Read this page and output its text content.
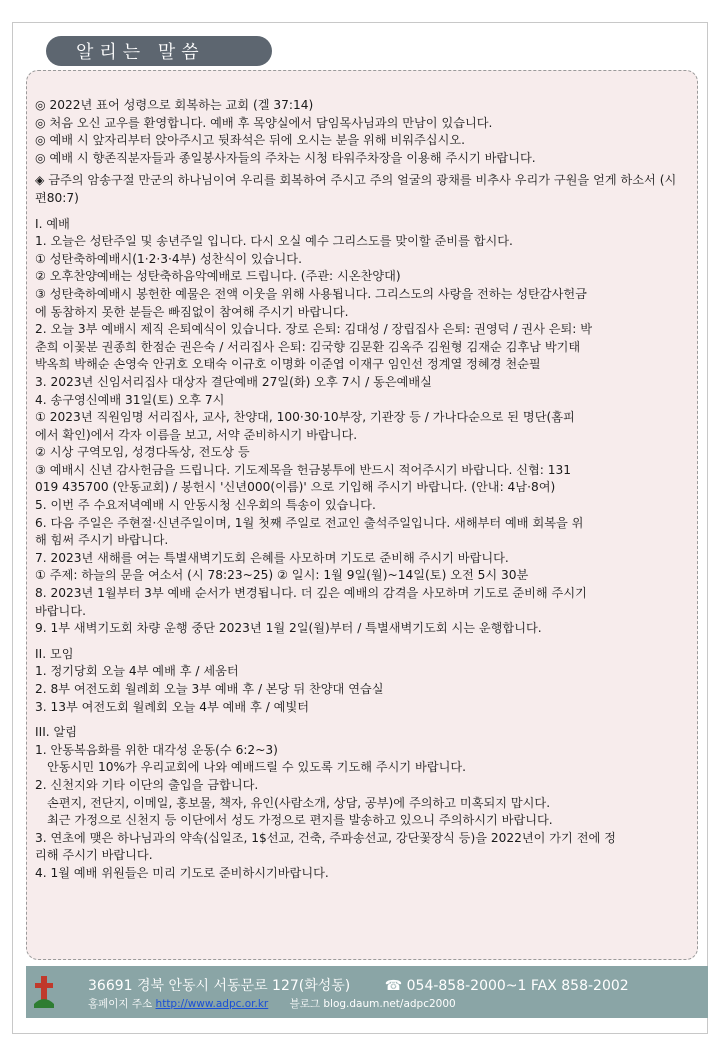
알리는 말씀
◎ 2022년 표어 성령으로 회복하는 교회 (겔 37:14)
◎ 처음 오신 교우를 환영합니다. 예배 후 목양실에서 담임목사님과의 만남이 있습니다.
◎ 예배 시 앞자리부터 앉아주시고 뒷좌석은 뒤에 오시는 분을 위해 비워주십시오.
◎ 예배 시 향존직분자들과 종일봉사자들의 주차는 시청 타워주차장을 이용해 주시기 바랍니다.
◈ 금주의 암송구절 만군의 하나님이여 우리를 회복하여 주시고 주의 얼굴의 광채를 비추사 우리가 구원을 얻게 하소서 (시편80:7)
I. 예배
1. 오늘은 성탄주일 및 송년주일 입니다. 다시 오실 예수 그리스도를 맞이할 준비를 합시다.
① 성탄축하예배시(1·2·3·4부) 성찬식이 있습니다.
② 오후찬양예배는 성탄축하음악예배로 드립니다. (주관: 시온찬양대)
③ 성탄축하예배시 봉헌한 예물은 전액 이웃을 위해 사용됩니다. 그리스도의 사랑을 전하는 성탄감사헌금
에 동참하지 못한 분들은 빠짐없이 참여해 주시기 바랍니다.
2. 오늘 3부 예배시 제직 은퇴예식이 있습니다. 장로 은퇴: 김대성 / 장립집사 은퇴: 권영덕 / 권사 은퇴: 박
춘희 이꽃분 권종희 한점순 권은숙 / 서리집사 은퇴: 김국향 김문환 김옥주 김원형 김재순 김후남 박기태
박옥희 박해순 손영숙 안귀호 오태숙 이규호 이명화 이준엽 이재구 임인선 정계열 정혜경 천순필
3. 2023년 신임서리집사 대상자 결단예배 27일(화) 오후 7시 / 동은예배실
4. 송구영신예배 31일(토) 오후 7시
① 2023년 직원임명 서리집사, 교사, 찬양대, 100·30·10부장, 기관장 등 / 가나다순으로 된 명단(홈피
에서 확인)에서 각자 이름을 보고, 서약 준비하시기 바랍니다.
② 시상 구역모임, 성경다독상, 전도상 등
③ 예배시 신년 감사헌금을 드립니다. 기도제목을 헌금봉투에 반드시 적어주시기 바랍니다. 신협: 131
019 435700 (안동교회) / 봉헌시 '신년000(이름)' 으로 기입해 주시기 바랍니다. (안내: 4남·8여)
5. 이번 주 수요저녁예배 시 안동시청 신우회의 특송이 있습니다.
6. 다음 주일은 주현절·신년주일이며, 1월 첫째 주일로 전교인 출석주일입니다. 새해부터 예배 회복을 위
해 힘써 주시기 바랍니다.
7. 2023년 새해를 여는 특별새벽기도회 은혜를 사모하며 기도로 준비해 주시기 바랍니다.
① 주제: 하늘의 문을 여소서 (시 78:23~25) ② 일시: 1월 9일(월)~14일(토) 오전 5시 30분
8. 2023년 1월부터 3부 예배 순서가 변경됩니다. 더 깊은 예배의 감격을 사모하며 기도로 준비해 주시기
바랍니다.
9. 1부 새벽기도회 차량 운행 중단 2023년 1월 2일(월)부터 / 특별새벽기도회 시는 운행합니다.
II. 모임
1. 정기당회 오늘 4부 예배 후 / 세움터
2. 8부 여전도회 월례회 오늘 3부 예배 후 / 본당 뒤 찬양대 연습실
3. 13부 여전도회 월례회 오늘 4부 예배 후 / 예빛터
III. 알림
1. 안동복음화를 위한 대각성 운동(수 6:2~3)
안동시민 10%가 우리교회에 나와 예배드릴 수 있도록 기도해 주시기 바랍니다.
2. 신천지와 기타 이단의 출입을 금합니다.
손편지, 전단지, 이메일, 홍보물, 책자, 유인(사람소개, 상담, 공부)에 주의하고 미혹되지 맙시다.
최근 가정으로 신천지 등 이단에서 성도 가정으로 편지를 발송하고 있으니 주의하시기 바랍니다.
3. 연초에 맺은 하나님과의 약속(십일조, 1$선교, 건축, 주파송선교, 강단꽃장식 등)을 2022년이 가기 전에 정
리해 주시기 바랍니다.
4. 1월 예배 위원들은 미리 기도로 준비하시기바랍니다.
36691 경북 안동시 서동문로 127(화성동) ☎ 054-858-2000~1 FAX 858-2002
홈페이지 주소 http://www.adpc.or.kr 블로그 blog.daum.net/adpc2000
